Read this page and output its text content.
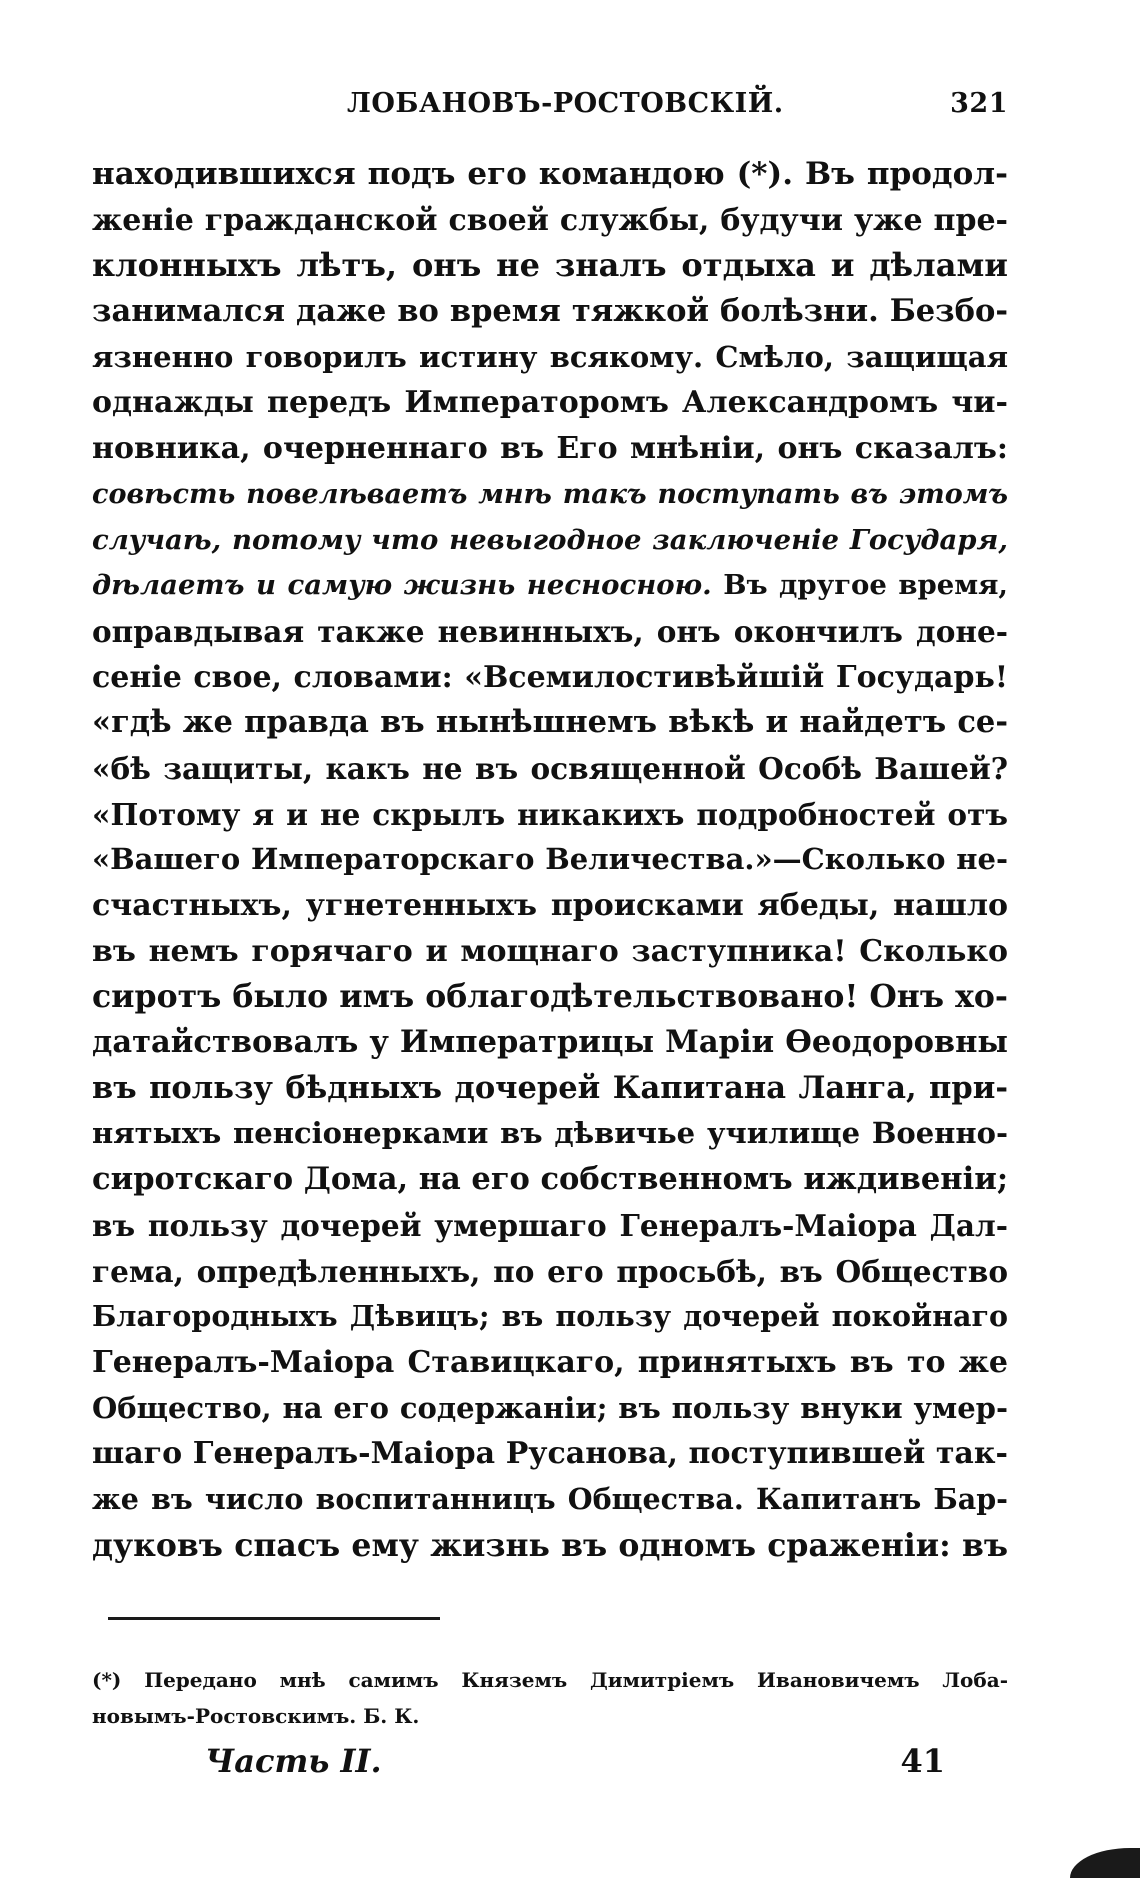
ЛОБАНОВЪ-РОСТОВСКІЙ.	321
находившихся подъ его командою (*). Въ продол-
женіе гражданской своей службы, будучи уже пре-
клонныхъ лѣтъ, онъ не зналъ отдыха и дѣлами
занимался даже во время тяжкой болѣзни. Безбо-
язненно говорилъ истину всякому. Смѣло, защищая
однажды передъ Императоромъ Александромъ чи-
новника, очерненнаго въ Его мнѣніи, онъ сказалъ:
совѣсть повелѣваетъ мнѣ такъ поступать въ этомъ
случаѣ, потому что невыгодное заключеніе Государя,
дѣлаетъ и самую жизнь несносною. Въ другое время,
оправдывая также невинныхъ, онъ окончилъ доне-
сеніе свое, словами: «Всемилостивѣйшій Государь!
«гдѣ же правда въ нынѣшнемъ вѣкѣ и найдетъ се-
«бѣ защиты, какъ не въ освященной Особѣ Вашей?
«Потому я и не скрылъ никакихъ подробностей отъ
«Вашего Императорскаго Величества.»—Сколько не-
счастныхъ, угнетенныхъ происками ябеды, нашло
въ немъ горячаго и мощнаго заступника! Сколько
сиротъ было имъ облагодѣтельствовано! Онъ хо-
датайствовалъ у Императрицы Маріи Ѳеодоровны
въ пользу бѣдныхъ дочерей Капитана Ланга, при-
нятыхъ пенсіонерками въ дѣвичье училище Военно-
сиротскаго Дома, на его собственномъ иждивеніи;
въ пользу дочерей умершаго Генералъ-Маіора Дал-
гема, опредѣленныхъ, по его просьбѣ, въ Общество
Благородныхъ Дѣвицъ; въ пользу дочерей покойнаго
Генералъ-Маіора Ставицкаго, принятыхъ въ то же
Общество, на его содержаніи; въ пользу внуки умер-
шаго Генералъ-Маіора Русанова, поступившей так-
же въ число воспитанницъ Общества. Капитанъ Бар-
дуковъ спасъ ему жизнь въ одномъ сраженіи: въ
(*) Передано мнѣ самимъ Княземъ Димитріемъ Ивановичемъ Лоба-
новымъ-Ростовскимъ. Б. К.
Часть II.	41
